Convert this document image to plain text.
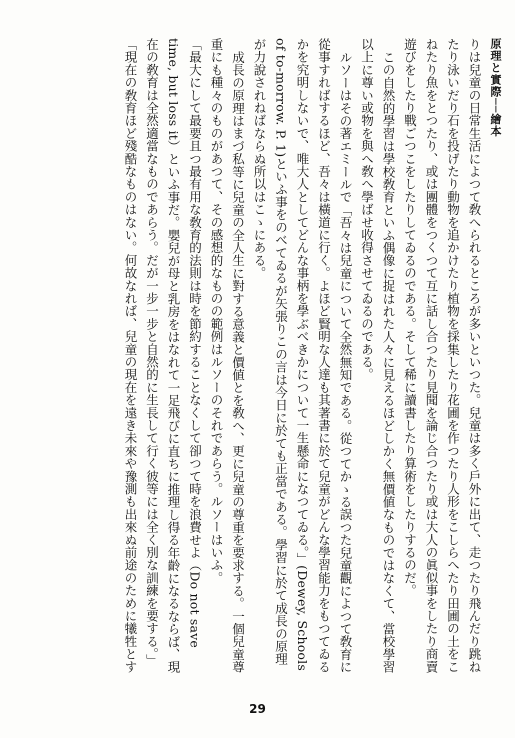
原理と實際──繪本

りは兒童の日常生活によつて敎へられるところが多いといつた。兒童は多く戶外に出て、走つたり飛んだり跳ねたり泳いだり石を投げたり動物を追かけたり植物を採集したり花圃を作つたり人形をこしらへたり田圃の土をこねたり魚をとつたり、或は團體をつくつて互に話し合つたり見聞を論じ合つたり或は大人の眞似事をしたり商賣遊びをしたり戰ごつこをしたりしてゐるのである。そして稀に讀書したり算術をしたりするのだ。

この自然的學習は學校敎育といふ偶像に捉はれた人々に見えるほどしかく無價値なものではなくて、當校學習以上に尊い或物を與へ敎へ學ばせ收得させてゐるのである。

ルソーはその著エミールで「吾々は兒童について全然無知である。從つてかゝる誤つた兒童觀によつて敎育に從事すればするほど、吾々は橫道に行く。よほど賢明な人達も其著書に於て兒童がどんな學習能力をもつてゐるかを究明しないで、唯大人としてどんな事柄を學ぶべきかについて一生懸命になつてゐる。」(Dewey, Schools of to-morrow. P. 1)といふ事をのべてゐるが矢張りこの言は今日に於ても正當である。學習に於て成長の原理が力說されねばならぬ所以はこゝにある。

成長の原理はまづ私等に兒童の全人生に對する意義と價値とを敎へ、更に兒童の尊重を要求する。一個兒童尊重にも種々のものがあつて、その感想的なものの範例はルソーのそれであらう。ルソーはいふ。

「最大にして最要且つ最有用な敎育的法則は時を節約することなくして卻つて時を浪費せよ（Do not save time, but loss it）といふ事だ。嬰兒が母と乳房をはなれて一足飛びに直ちに推理し得る年齡になるならば、現在の敎育は全然適當なものであらう。だが一步一步と自然的に生長して行く彼等には全く別な訓練を要する。」

「現在の敎育ほど殘酷なものはない。何故なれば、兒童の現在を遠き未來や豫測も出來ぬ前途のために犧牲とす

29
